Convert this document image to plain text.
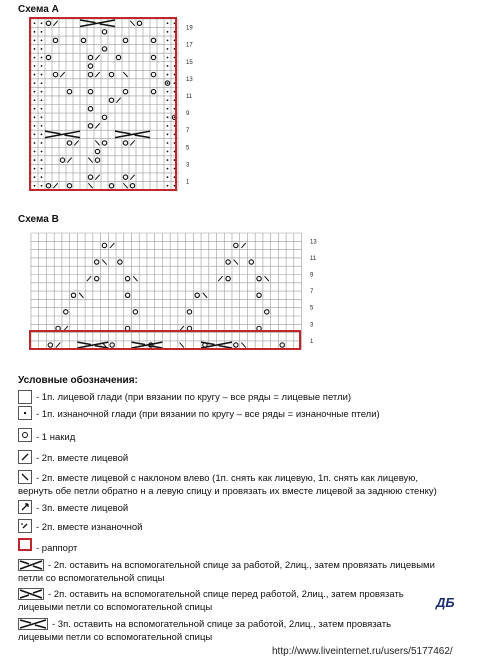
Схема А
19
17
15
13
11
9
7
5
3
1
Схема В
13
11
9
7
5
3
1
Условные обозначения:
- 1п. лицевой глади (при вязании по кругу – все ряды = лицевые петли)
- 1п. изнаночной глади (при вязании по кругу – все ряды = изнаночные птели)
- 1 накид
- 2п. вместе лицевой
- 2п. вместе лицевой с наклоном влево (1п. снять как лицевую, 1п. снять как лицевую,
вернуть обе петли обратно н а левую спицу и провязать их вместе лицевой за заднюю стенку)
- 3п. вместе лицевой
- 2п. вместе изнаночной
- раппорт
- 2п. оставить на вспомогательной спице за работой, 2лиц., затем провязать лицевыми
петли со вспомогательной спицы
- 2п. оставить на вспомогательной спице перед работой, 2лиц., затем провязать
лицевыми петли со вспомогательной спицы
- 3п. оставить на вспомогательной спице за работой, 2лиц., затем провязать
лицевыми петли со вспомогательной спицы
ДБ
http://www.liveinternet.ru/users/5177462/
